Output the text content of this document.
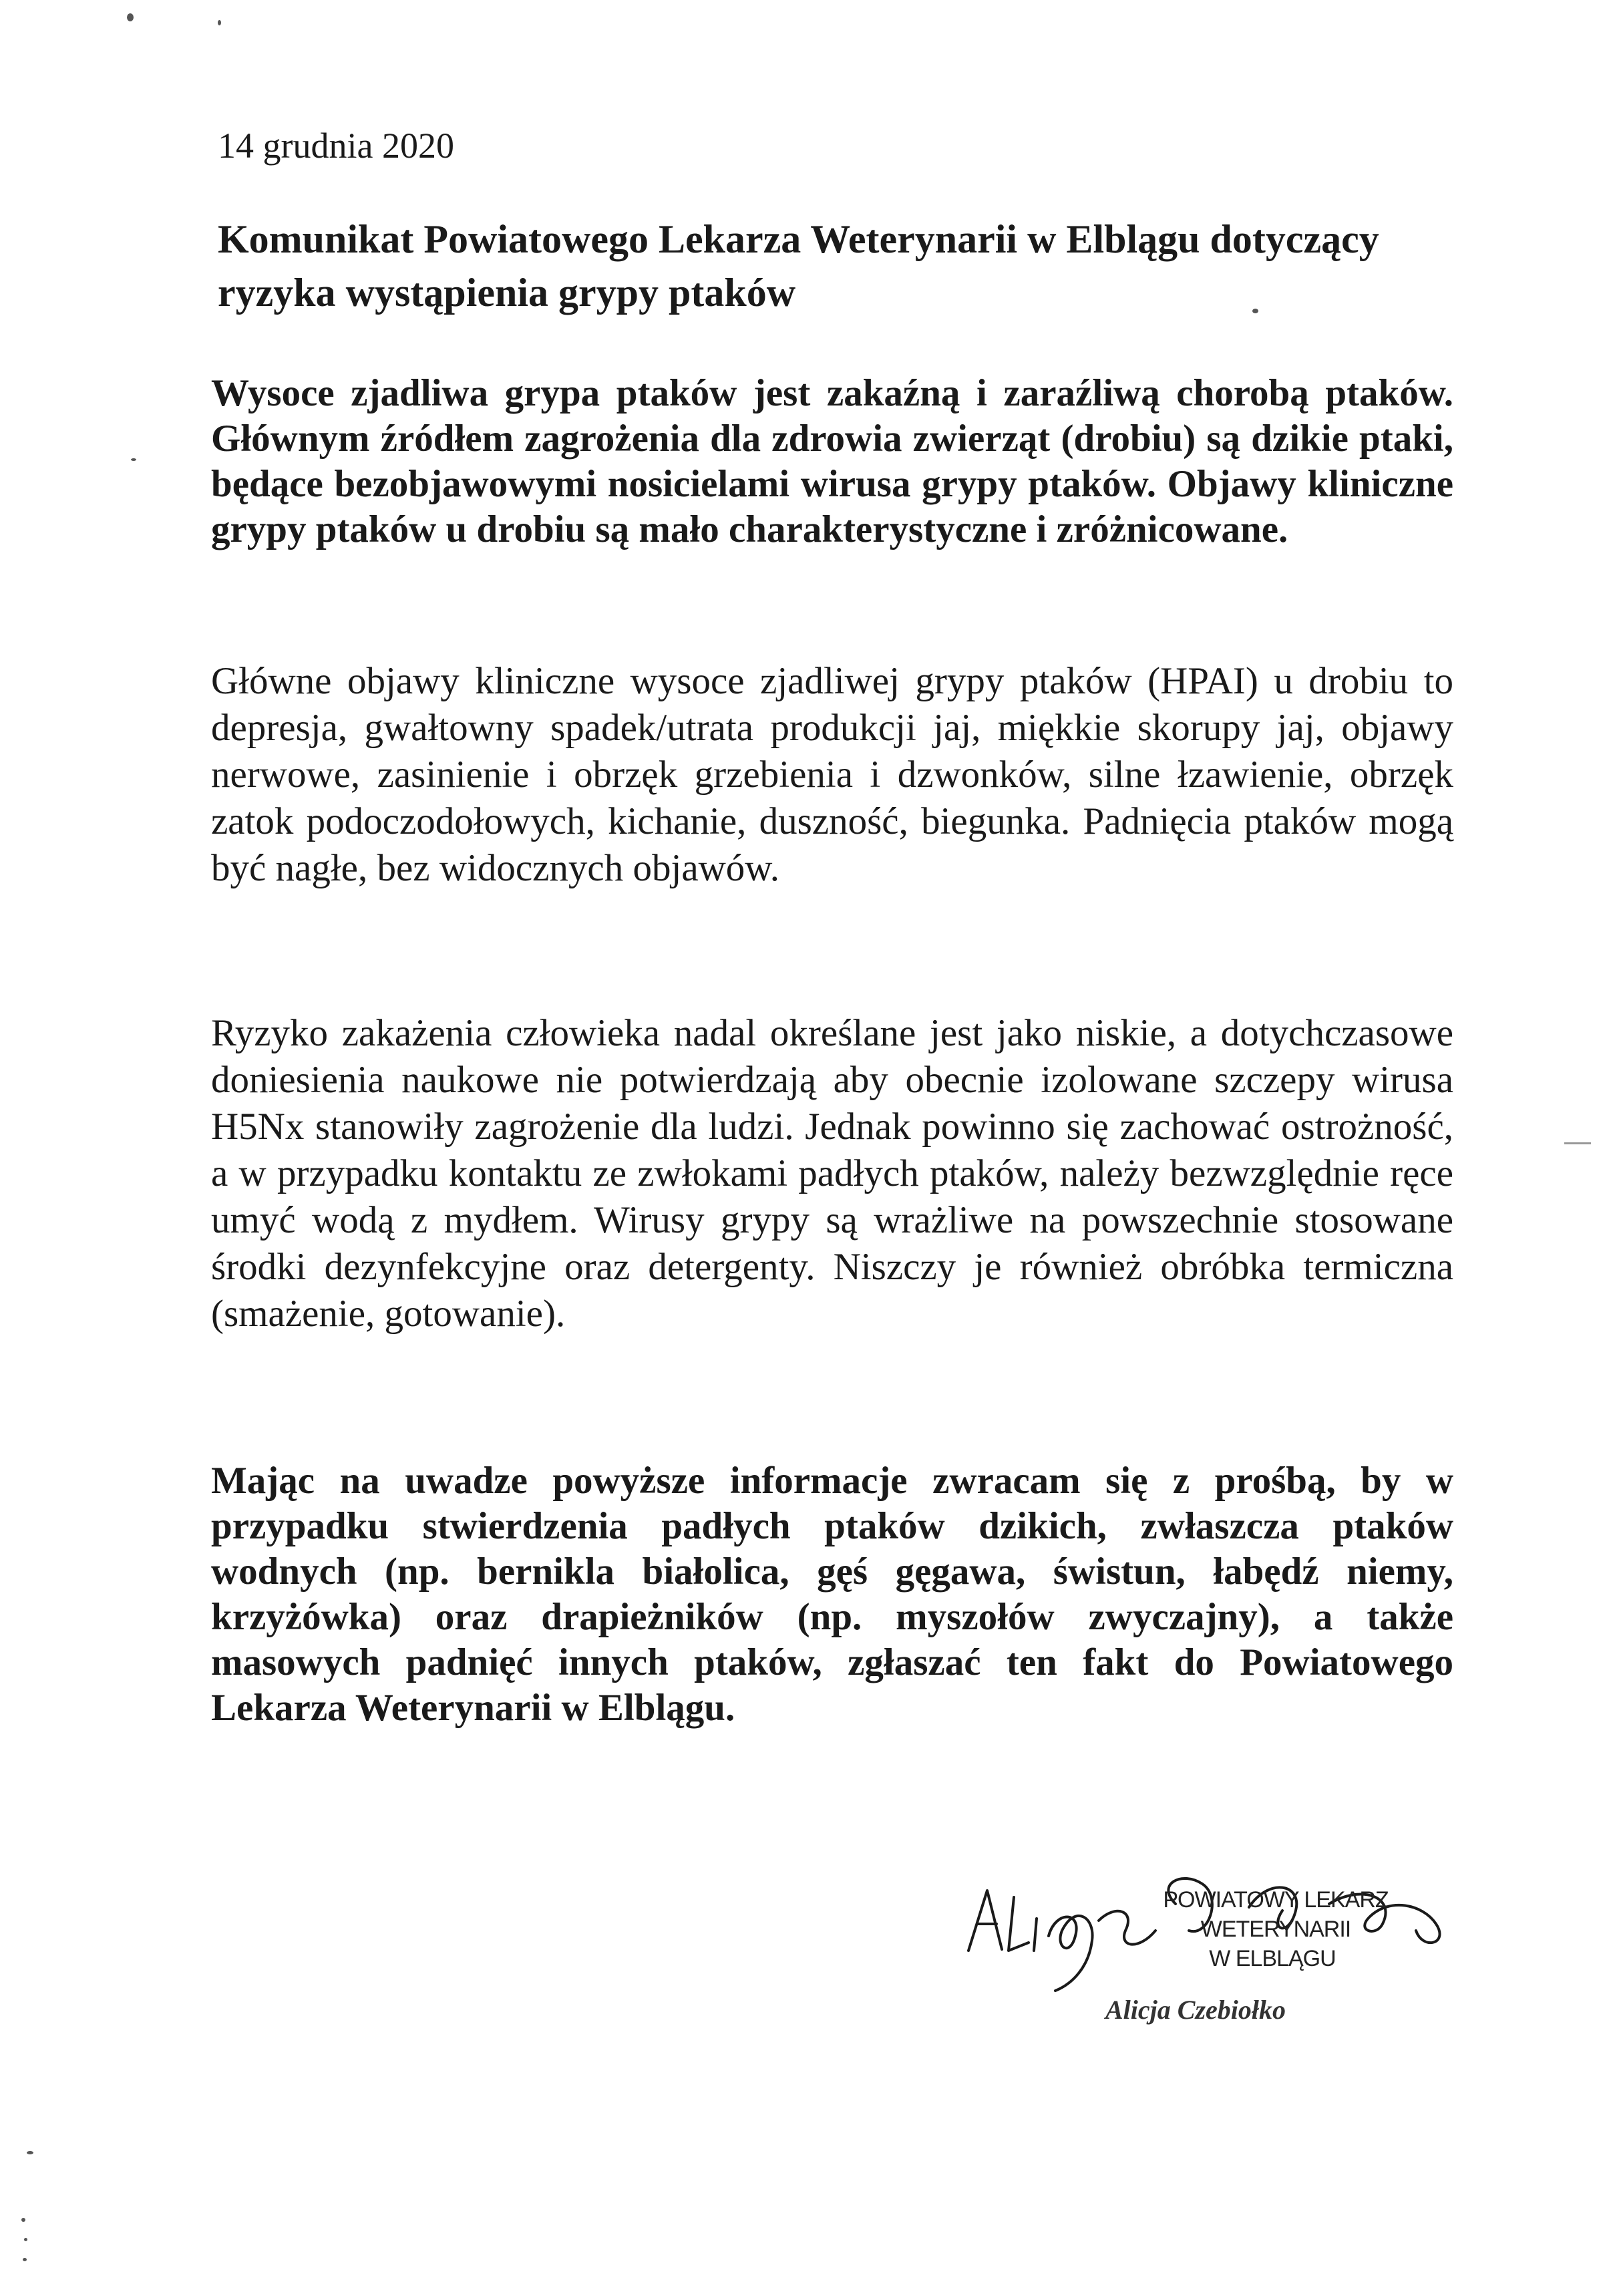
14 grudnia 2020
Komunikat Powiatowego Lekarza Weterynarii w Elblągu dotyczący ryzyka wystąpienia grypy ptaków

Wysoce zjadliwa grypa ptaków jest zakaźną i zaraźliwą chorobą ptaków. Głównym źródłem zagrożenia dla zdrowia zwierząt (drobiu) są dzikie ptaki, będące bezobjawowymi nosicielami wirusa grypy ptaków. Objawy kliniczne grypy ptaków u drobiu są mało charakterystyczne i zróżnicowane.

Główne objawy kliniczne wysoce zjadliwej grypy ptaków (HPAI) u drobiu to depresja, gwałtowny spadek/utrata produkcji jaj, miękkie skorupy jaj, objawy nerwowe, zasinienie i obrzęk grzebienia i dzwonków, silne łzawienie, obrzęk zatok podoczodołowych, kichanie, duszność, biegunka. Padnięcia ptaków mogą być nagłe, bez widocznych objawów.

Ryzyko zakażenia człowieka nadal określane jest jako niskie, a dotychczasowe doniesienia naukowe nie potwierdzają aby obecnie izolowane szczepy wirusa H5Nx stanowiły zagrożenie dla ludzi. Jednak powinno się zachować ostrożność, a w przypadku kontaktu ze zwłokami padłych ptaków, należy bezwzględnie ręce umyć wodą z mydłem. Wirusy grypy są wrażliwe na powszechnie stosowane środki dezynfekcyjne oraz detergenty. Niszczy je również obróbka termiczna (smażenie, gotowanie).

Mając na uwadze powyższe informacje zwracam się z prośbą, by w przypadku stwierdzenia padłych ptaków dzikich, zwłaszcza ptaków wodnych (np. bernikla białolica, gęś gęgawa, świstun, łabędź niemy, krzyżówka) oraz drapieżników (np. myszołów zwyczajny), a także masowych padnięć innych ptaków, zgłaszać ten fakt do Powiatowego Lekarza Weterynarii w Elblągu.

POWIATOWY LEKARZ WETERYNARII
W ELBLĄGU
Alicja Czebiołko
